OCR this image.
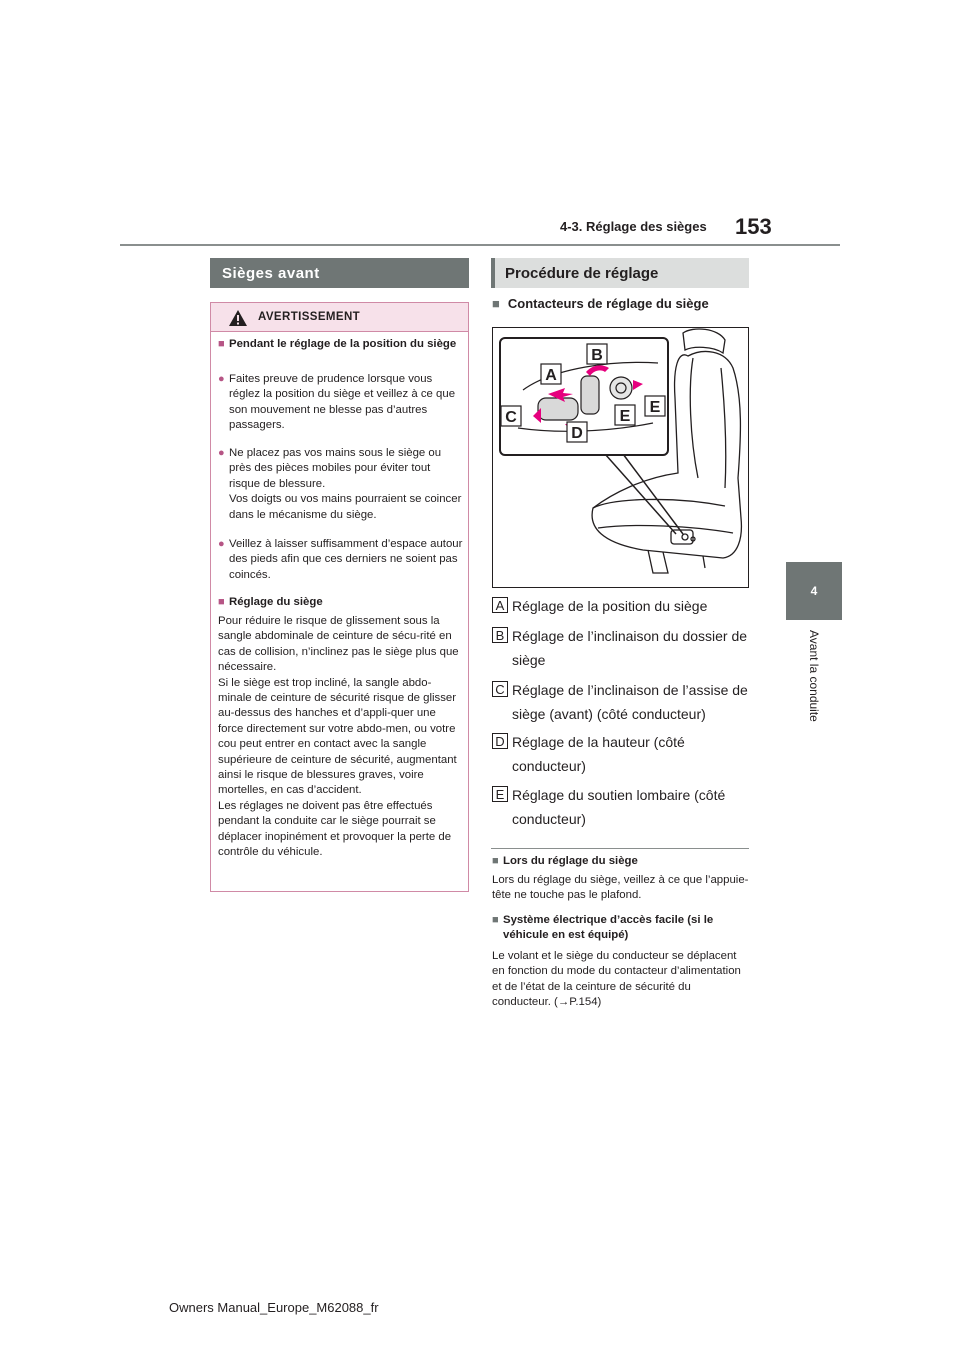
4-3. Réglage des sièges 153
4
Avant la conduite
Sièges avant
AVERTISSEMENT
■ Pendant le réglage de la position du siège
● Faites preuve de prudence lorsque vous réglez la position du siège et veillez à ce que son mouvement ne blesse pas d’autres passagers.
● Ne placez pas vos mains sous le siège ou près des pièces mobiles pour éviter tout risque de blessure.
Vos doigts ou vos mains pourraient se coincer dans le mécanisme du siège.
● Veillez à laisser suffisamment d’espace autour des pieds afin que ces derniers ne soient pas coincés.
■ Réglage du siège
Pour réduire le risque de glissement sous la sangle abdominale de ceinture de sécu-rité en cas de collision, n’inclinez pas le siège plus que nécessaire.
Si le siège est trop incliné, la sangle abdo-minale de ceinture de sécurité risque de glisser au-dessus des hanches et d’appli-quer une force directement sur votre abdo-men, ou votre cou peut entrer en contact avec la sangle supérieure de ceinture de sécurité, augmentant ainsi le risque de blessures graves, voire mortelles, en cas d’accident.
Les réglages ne doivent pas être effectués pendant la conduite car le siège pourrait se déplacer inopinément et provoquer la perte de contrôle du véhicule.
Procédure de réglage
■ Contacteurs de réglage du siège
A
B
C
D
E
E
A Réglage de la position du siège
B Réglage de l’inclinaison du dossier de siège
C Réglage de l’inclinaison de l’assise de siège (avant) (côté conducteur)
D Réglage de la hauteur (côté conducteur)
E Réglage du soutien lombaire (côté conducteur)
■ Lors du réglage du siège
Lors du réglage du siège, veillez à ce que l’appuie-tête ne touche pas le plafond.
■ Système électrique d’accès facile (si le véhicule en est équipé)
Le volant et le siège du conducteur se déplacent en fonction du mode du contacteur d’alimentation et de l’état de la ceinture de sécurité du conducteur. (→P.154)
Owners Manual_Europe_M62088_fr
